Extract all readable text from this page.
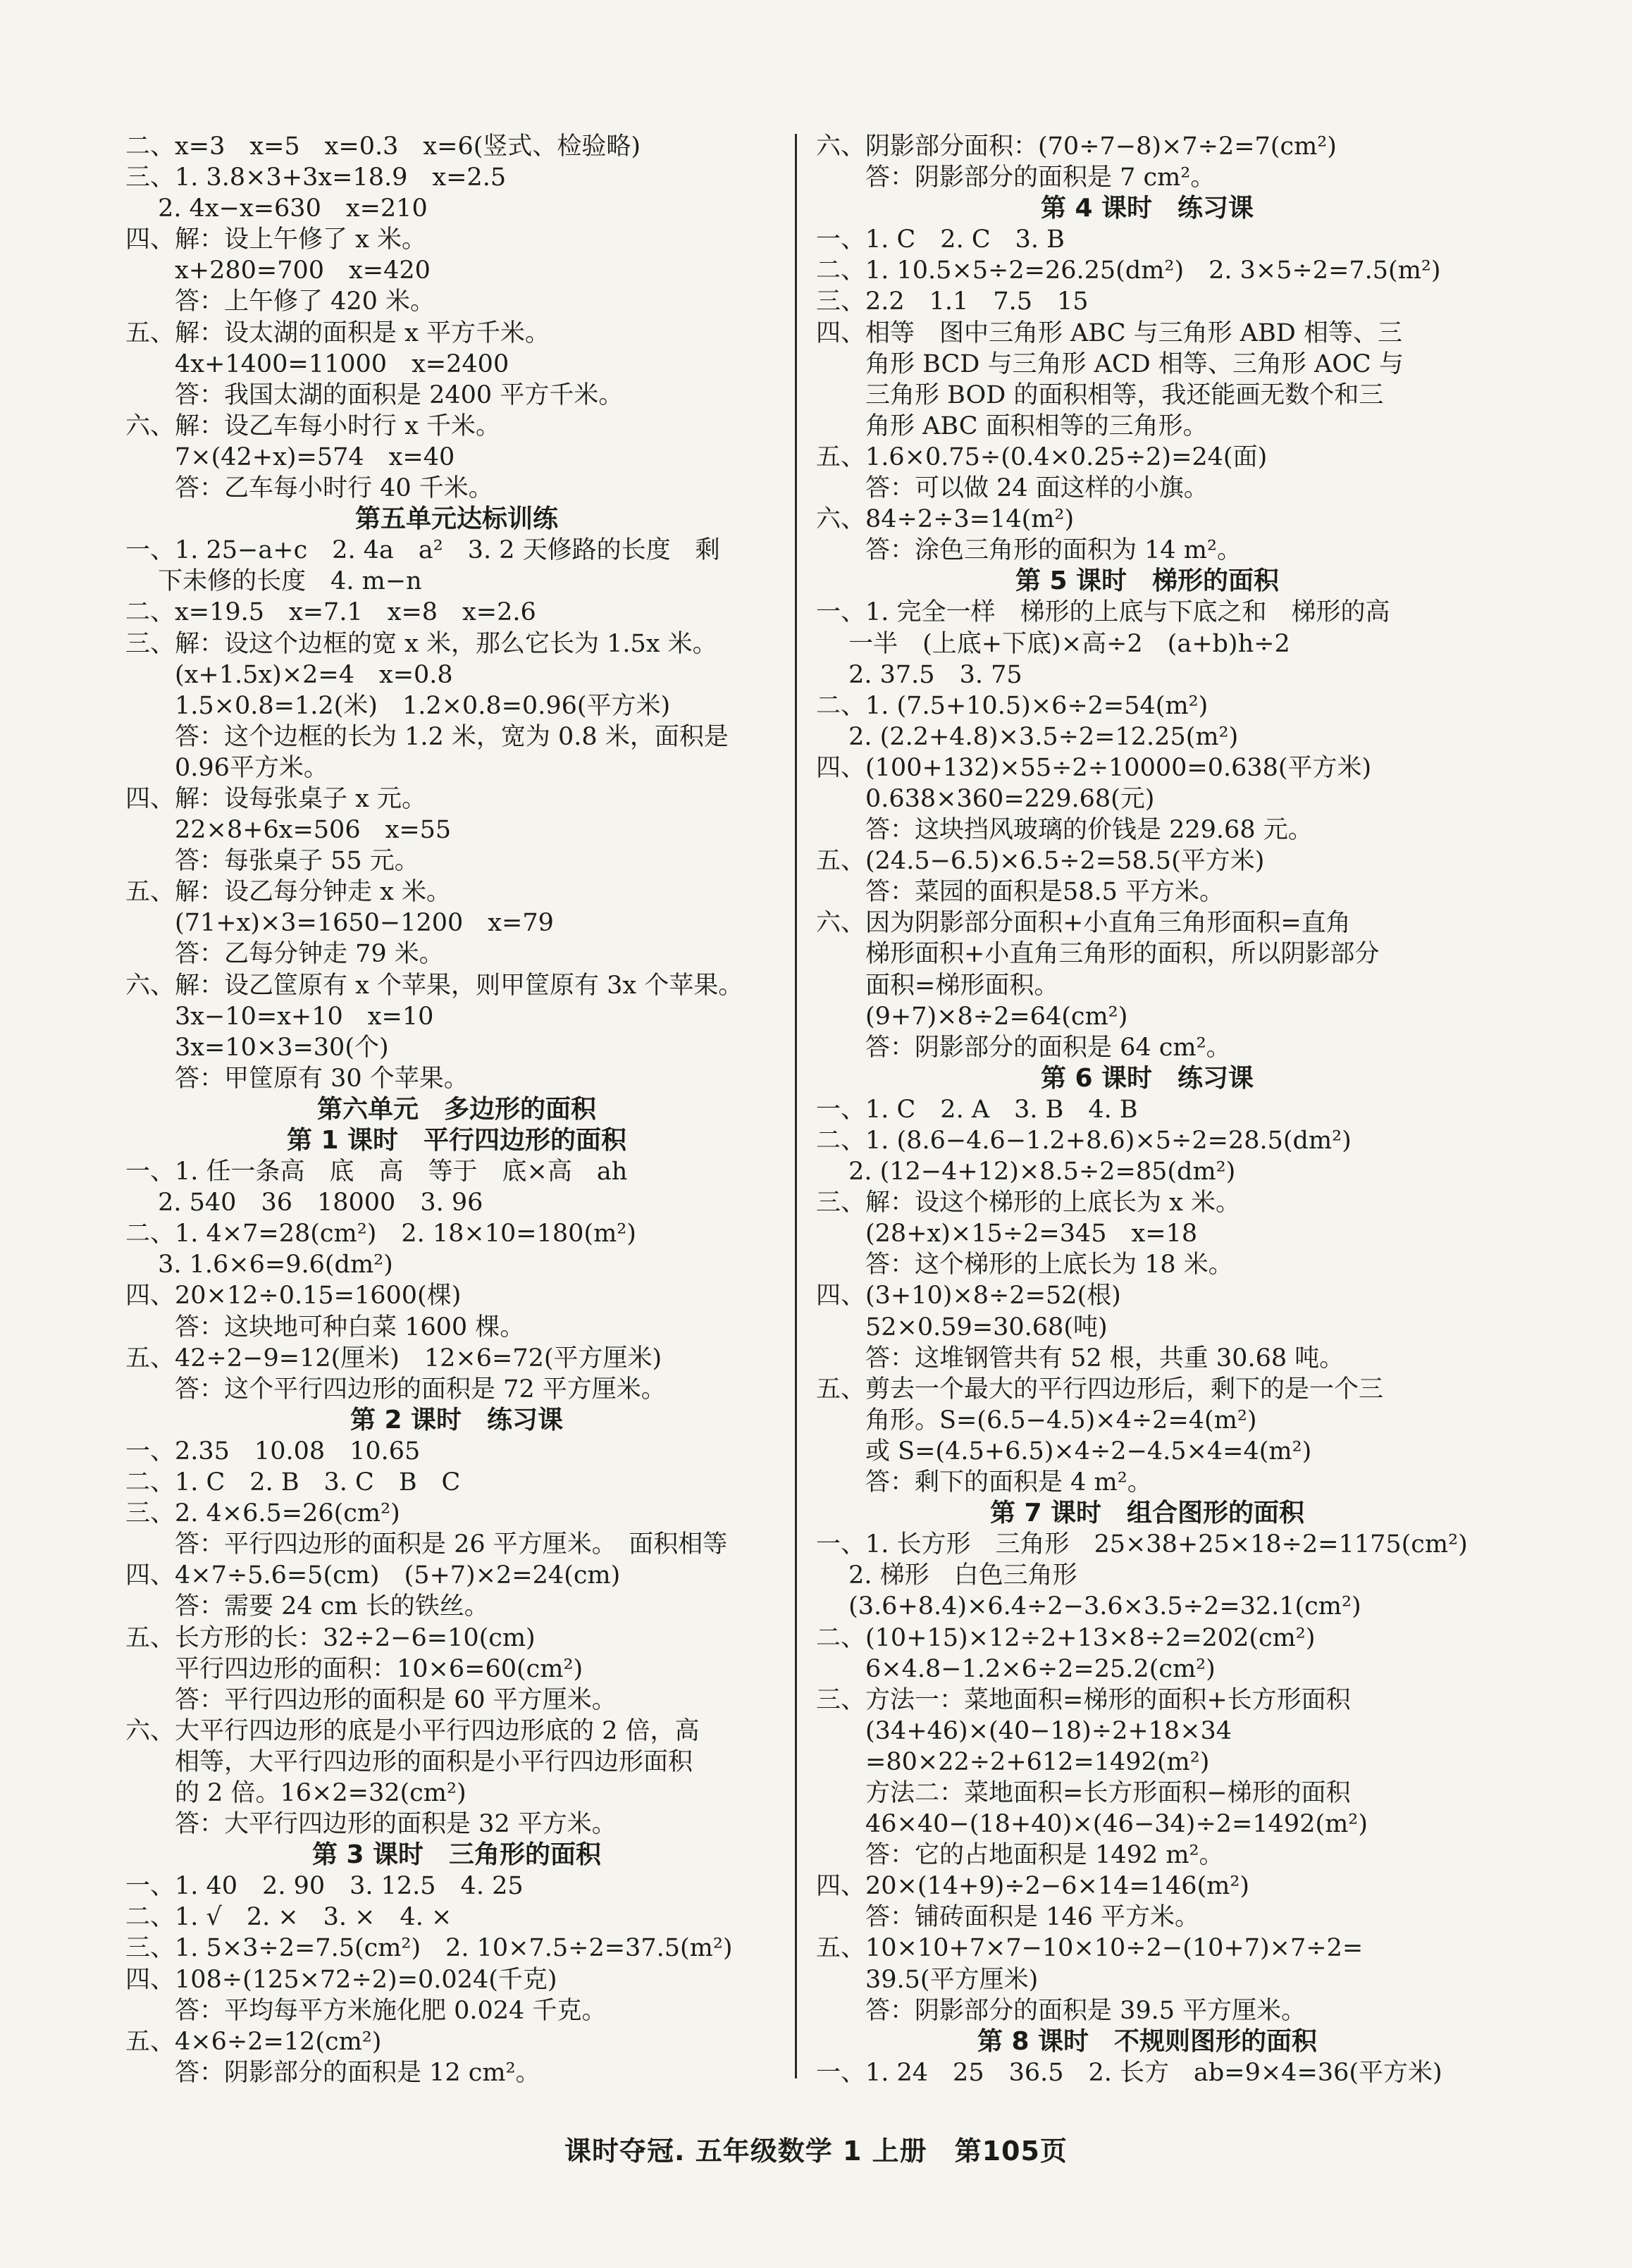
二、x=3　x=5　x=0.3　x=6(竖式、检验略)
三、1. 3.8×3+3x=18.9　x=2.5
　 2. 4x−x=630　x=210
四、解：设上午修了 x 米。
　　x+280=700　x=420
　　答：上午修了 420 米。
五、解：设太湖的面积是 x 平方千米。
　　4x+1400=11000　x=2400
　　答：我国太湖的面积是 2400 平方千米。
六、解：设乙车每小时行 x 千米。
　　7×(42+x)=574　x=40
　　答：乙车每小时行 40 千米。
第五单元达标训练
一、1. 25−a+c　2. 4a　a²　3. 2 天修路的长度　剩
　 下未修的长度　4. m−n
二、x=19.5　x=7.1　x=8　x=2.6
三、解：设这个边框的宽 x 米，那么它长为 1.5x 米。
　　(x+1.5x)×2=4　x=0.8
　　1.5×0.8=1.2(米)　1.2×0.8=0.96(平方米)
　　答：这个边框的长为 1.2 米，宽为 0.8 米，面积是
　　0.96平方米。
四、解：设每张桌子 x 元。
　　22×8+6x=506　x=55
　　答：每张桌子 55 元。
五、解：设乙每分钟走 x 米。
　　(71+x)×3=1650−1200　x=79
　　答：乙每分钟走 79 米。
六、解：设乙筐原有 x 个苹果，则甲筐原有 3x 个苹果。
　　3x−10=x+10　x=10
　　3x=10×3=30(个)
　　答：甲筐原有 30 个苹果。
第六单元　多边形的面积
第 1 课时　平行四边形的面积
一、1. 任一条高　底　高　等于　底×高　ah
　 2. 540　36　18000　3. 96
二、1. 4×7=28(cm²)　2. 18×10=180(m²)
　 3. 1.6×6=9.6(dm²)
四、20×12÷0.15=1600(棵)
　　答：这块地可种白菜 1600 棵。
五、42÷2−9=12(厘米)　12×6=72(平方厘米)
　　答：这个平行四边形的面积是 72 平方厘米。
第 2 课时　练习课
一、2.35　10.08　10.65
二、1. C　2. B　3. C　B　C
三、2. 4×6.5=26(cm²)
　　答：平行四边形的面积是 26 平方厘米。　面积相等
四、4×7÷5.6=5(cm)　(5+7)×2=24(cm)
　　答：需要 24 cm 长的铁丝。
五、长方形的长：32÷2−6=10(cm)
　　平行四边形的面积：10×6=60(cm²)
　　答：平行四边形的面积是 60 平方厘米。
六、大平行四边形的底是小平行四边形底的 2 倍，高
　　相等，大平行四边形的面积是小平行四边形面积
　　的 2 倍。16×2=32(cm²)
　　答：大平行四边形的面积是 32 平方米。
第 3 课时　三角形的面积
一、1. 40　2. 90　3. 12.5　4. 25
二、1. √　2. ×　3. ×　4. ×
三、1. 5×3÷2=7.5(cm²)　2. 10×7.5÷2=37.5(m²)
四、108÷(125×72÷2)=0.024(千克)
　　答：平均每平方米施化肥 0.024 千克。
五、4×6÷2=12(cm²)
　　答：阴影部分的面积是 12 cm²。
六、阴影部分面积：(70÷7−8)×7÷2=7(cm²)
　　答：阴影部分的面积是 7 cm²。
第 4 课时　练习课
一、1. C　2. C　3. B
二、1. 10.5×5÷2=26.25(dm²)　2. 3×5÷2=7.5(m²)
三、2.2　1.1　7.5　15
四、相等　图中三角形 ABC 与三角形 ABD 相等、三
　　角形 BCD 与三角形 ACD 相等、三角形 AOC 与
　　三角形 BOD 的面积相等，我还能画无数个和三
　　角形 ABC 面积相等的三角形。
五、1.6×0.75÷(0.4×0.25÷2)=24(面)
　　答：可以做 24 面这样的小旗。
六、84÷2÷3=14(m²)
　　答：涂色三角形的面积为 14 m²。
第 5 课时　梯形的面积
一、1. 完全一样　梯形的上底与下底之和　梯形的高
　 一半　(上底+下底)×高÷2　(a+b)h÷2
　 2. 37.5　3. 75
二、1. (7.5+10.5)×6÷2=54(m²)
　 2. (2.2+4.8)×3.5÷2=12.25(m²)
四、(100+132)×55÷2÷10000=0.638(平方米)
　　0.638×360=229.68(元)
　　答：这块挡风玻璃的价钱是 229.68 元。
五、(24.5−6.5)×6.5÷2=58.5(平方米)
　　答：菜园的面积是58.5 平方米。
六、因为阴影部分面积+小直角三角形面积=直角
　　梯形面积+小直角三角形的面积，所以阴影部分
　　面积=梯形面积。
　　(9+7)×8÷2=64(cm²)
　　答：阴影部分的面积是 64 cm²。
第 6 课时　练习课
一、1. C　2. A　3. B　4. B
二、1. (8.6−4.6−1.2+8.6)×5÷2=28.5(dm²)
　 2. (12−4+12)×8.5÷2=85(dm²)
三、解：设这个梯形的上底长为 x 米。
　　(28+x)×15÷2=345　x=18
　　答：这个梯形的上底长为 18 米。
四、(3+10)×8÷2=52(根)
　　52×0.59=30.68(吨)
　　答：这堆钢管共有 52 根，共重 30.68 吨。
五、剪去一个最大的平行四边形后，剩下的是一个三
　　角形。S=(6.5−4.5)×4÷2=4(m²)
　　或 S=(4.5+6.5)×4÷2−4.5×4=4(m²)
　　答：剩下的面积是 4 m²。
第 7 课时　组合图形的面积
一、1. 长方形　三角形　25×38+25×18÷2=1175(cm²)
　 2. 梯形　白色三角形
　 (3.6+8.4)×6.4÷2−3.6×3.5÷2=32.1(cm²)
二、(10+15)×12÷2+13×8÷2=202(cm²)
　　6×4.8−1.2×6÷2=25.2(cm²)
三、方法一：菜地面积=梯形的面积+长方形面积
　　(34+46)×(40−18)÷2+18×34
　　=80×22÷2+612=1492(m²)
　　方法二：菜地面积=长方形面积−梯形的面积
　　46×40−(18+40)×(46−34)÷2=1492(m²)
　　答：它的占地面积是 1492 m²。
四、20×(14+9)÷2−6×14=146(m²)
　　答：铺砖面积是 146 平方米。
五、10×10+7×7−10×10÷2−(10+7)×7÷2=
　　39.5(平方厘米)
　　答：阴影部分的面积是 39.5 平方厘米。
第 8 课时　不规则图形的面积
一、1. 24　25　36.5　2. 长方　ab=9×4=36(平方米)
课时夺冠. 五年级数学 1 上册　第105页
